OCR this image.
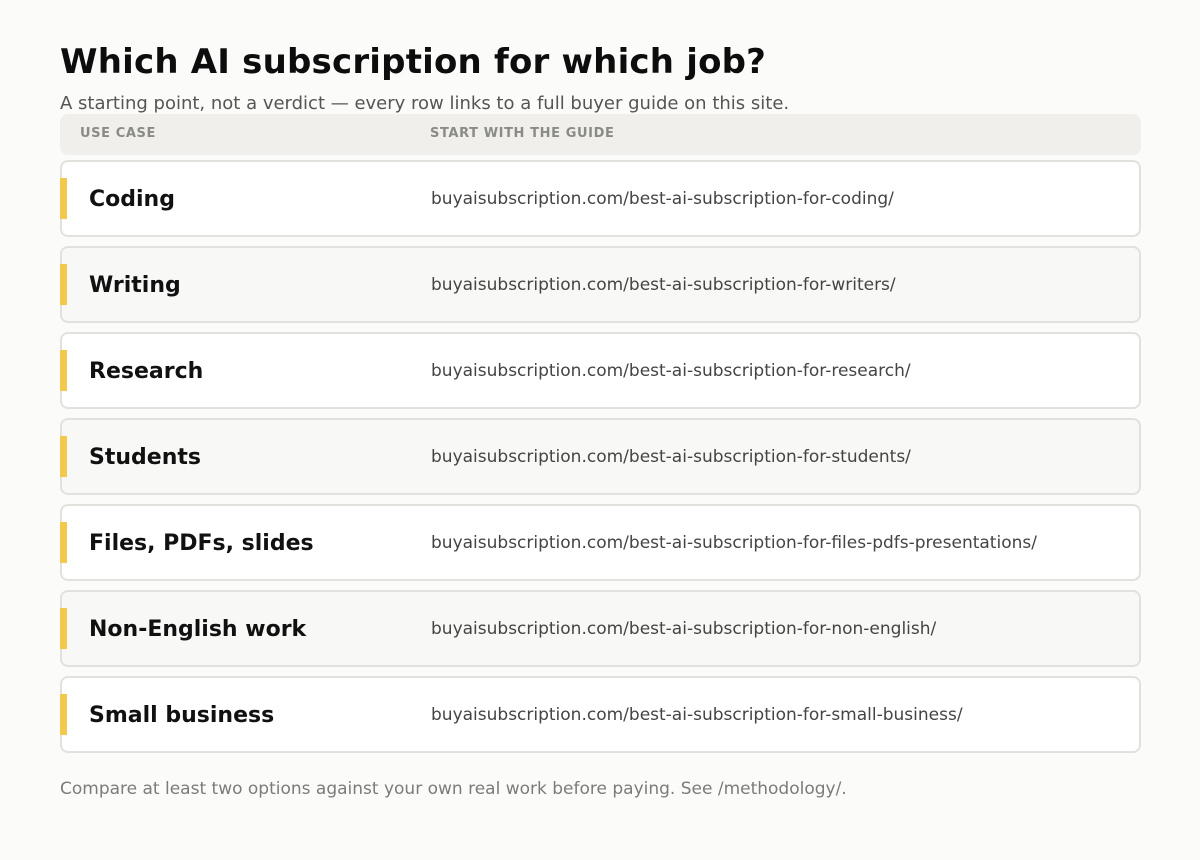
Which AI subscription for which job?

A starting point, not a verdict — every row links to a full buyer guide on this site.

USE CASE	START WITH THE GUIDE
Coding	buyaisubscription.com/best-ai-subscription-for-coding/
Writing	buyaisubscription.com/best-ai-subscription-for-writers/
Research	buyaisubscription.com/best-ai-subscription-for-research/
Students	buyaisubscription.com/best-ai-subscription-for-students/
Files, PDFs, slides	buyaisubscription.com/best-ai-subscription-for-files-pdfs-presentations/
Non-English work	buyaisubscription.com/best-ai-subscription-for-non-english/
Small business	buyaisubscription.com/best-ai-subscription-for-small-business/

Compare at least two options against your own real work before paying. See /methodology/.
